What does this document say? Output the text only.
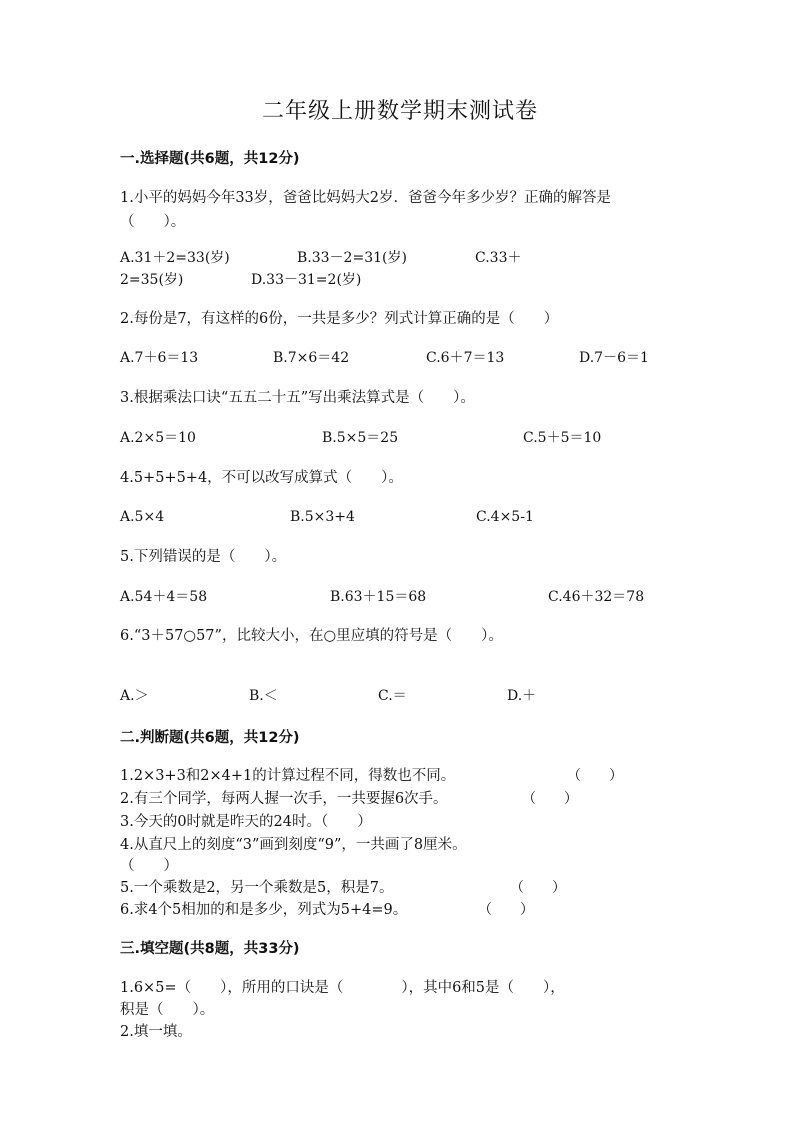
二年级上册数学期末测试卷
一.选择题(共6题，共12分)
1.小平的妈妈今年33岁，爸爸比妈妈大2岁．爸爸今年多少岁？正确的解答是
（　　）。
A.31＋2=33(岁)	B.33－2=31(岁)	C.33＋
2=35(岁)	D.33－31=2(岁)
2.每份是7，有这样的6份，一共是多少？列式计算正确的是（　　）
A.7＋6＝13	B.7×6＝42	C.6＋7＝13	D.7－6＝1
3.根据乘法口诀“五五二十五”写出乘法算式是（　　）。
A.2×5＝10	B.5×5＝25	C.5＋5＝10
4.5+5+5+4，不可以改写成算式（　　）。
A.5×4	B.5×3+4	C.4×5-1
5.下列错误的是（　　）。
A.54＋4＝58	B.63＋15＝68	C.46＋32＝78
6.“3＋57○57”，比较大小，在○里应填的符号是（　　）。
A.＞	B.＜	C.＝	D.＋
二.判断题(共6题，共12分)
1.2×3+3和2×4+1的计算过程不同，得数也不同。	（　　）
2.有三个同学，每两人握一次手，一共要握6次手。	（　　）
3.今天的0时就是昨天的24时。（　　）
4.从直尺上的刻度“3”画到刻度“9”，一共画了8厘米。
（　　）
5.一个乘数是2，另一个乘数是5，积是7。	（　　）
6.求4个5相加的和是多少，列式为5+4=9。	（　　）
三.填空题(共8题，共33分)
1.6×5=（　　），所用的口诀是（　　　　），其中6和5是（　　），
积是（　　）。
2.填一填。
